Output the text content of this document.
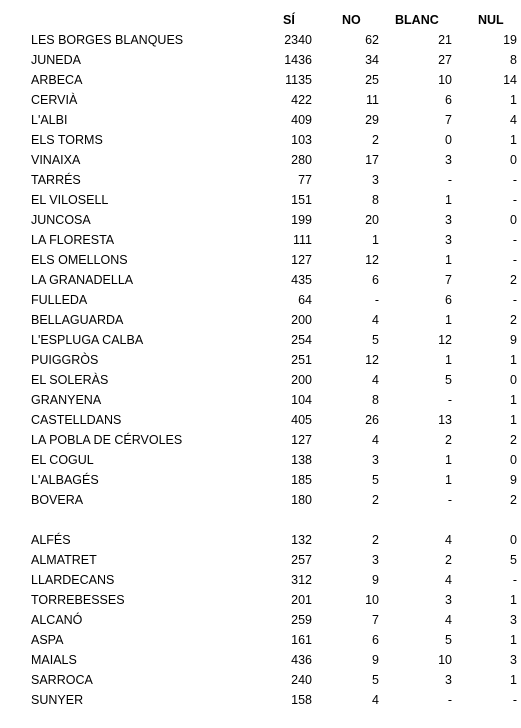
	SÍ	NO	BLANC	NUL
LES BORGES BLANQUES	2340	62	21	19
JUNEDA	1436	34	27	8
ARBECA	1135	25	10	14
CERVIÀ	422	11	6	1
L'ALBI	409	29	7	4
ELS TORMS	103	2	0	1
VINAIXA	280	17	3	0
TARRÉS	77	3	-	-
EL VILOSELL	151	8	1	-
JUNCOSA	199	20	3	0
LA FLORESTA	111	1	3	-
ELS OMELLONS	127	12	1	-
LA GRANADELLA	435	6	7	2
FULLEDA	64	-	6	-
BELLAGUARDA	200	4	1	2
L'ESPLUGA CALBA	254	5	12	9
PUIGGRÒS	251	12	1	1
EL SOLERÀS	200	4	5	0
GRANYENA	104	8	-	1
CASTELLDANS	405	26	13	1
LA POBLA DE CÉRVOLES	127	4	2	2
EL COGUL	138	3	1	0
L'ALBAGÉS	185	5	1	9
BOVERA	180	2	-	2

ALFÉS	132	2	4	0
ALMATRET	257	3	2	5
LLARDECANS	312	9	4	-
TORREBESSES	201	10	3	1
ALCANÓ	259	7	4	3
ASPA	161	6	5	1
MAIALS	436	9	10	3
SARROCA	240	5	3	1
SUNYER	158	4	-	-
